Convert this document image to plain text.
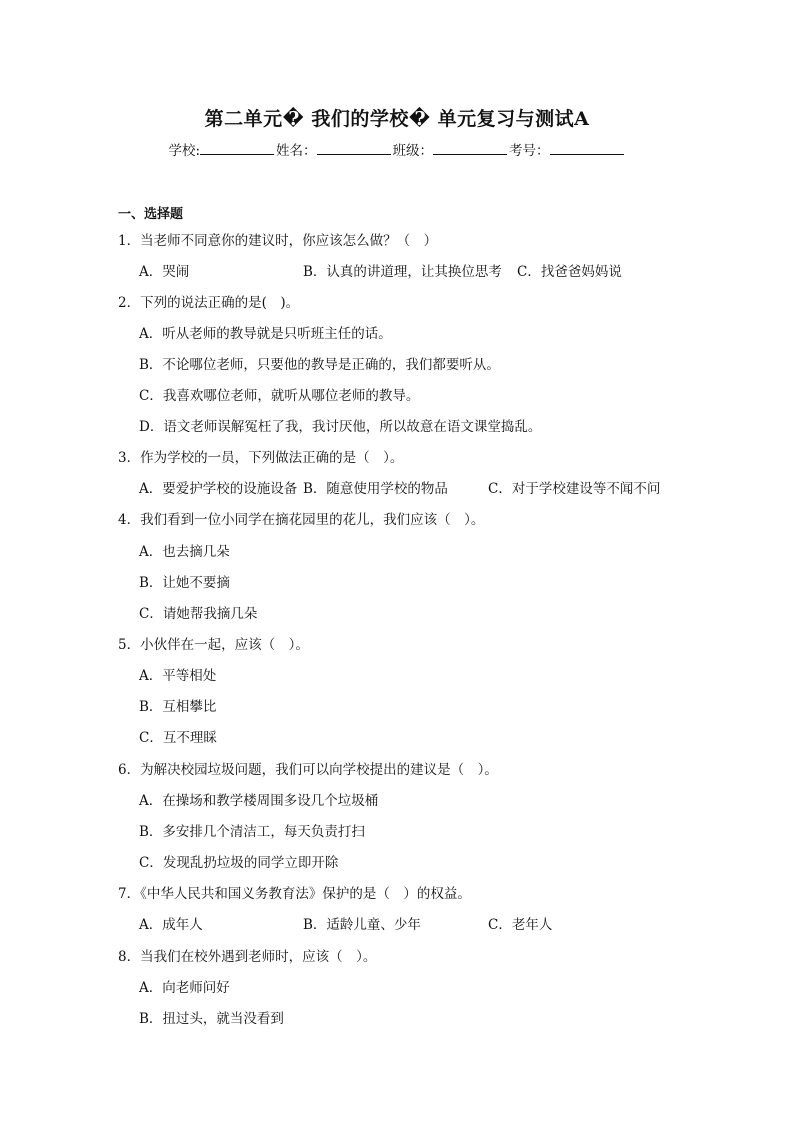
第二单元� 我们的学校� 单元复习与测试A
学校:	姓名：	班级：	考号：
一、选择题
1．当老师不同意你的建议时，你应该怎么做？（　）
A．哭闹	B．认真的讲道理，让其换位思考 C．找爸爸妈妈说
2．下列的说法正确的是(　)。
A．听从老师的教导就是只听班主任的话。
B．不论哪位老师，只要他的教导是正确的，我们都要听从。
C．我喜欢哪位老师，就听从哪位老师的教导。
D．语文老师误解冤枉了我，我讨厌他，所以故意在语文课堂捣乱。
3．作为学校的一员，下列做法正确的是（　）。
A．要爱护学校的设施设备 B．随意使用学校的物品	C．对于学校建设等不闻不问
4．我们看到一位小同学在摘花园里的花儿，我们应该（　）。
A．也去摘几朵
B．让她不要摘
C．请她帮我摘几朵
5．小伙伴在一起，应该（　）。
A．平等相处
B．互相攀比
C．互不理睬
6．为解决校园垃圾问题，我们可以向学校提出的建议是（　）。
A．在操场和教学楼周围多设几个垃圾桶
B．多安排几个清洁工，每天负责打扫
C．发现乱扔垃圾的同学立即开除
7．《中华人民共和国义务教育法》保护的是（　）的权益。
A．成年人	B．适龄儿童、少年	C．老年人
8．当我们在校外遇到老师时，应该（　）。
A．向老师问好
B．扭过头，就当没看到
